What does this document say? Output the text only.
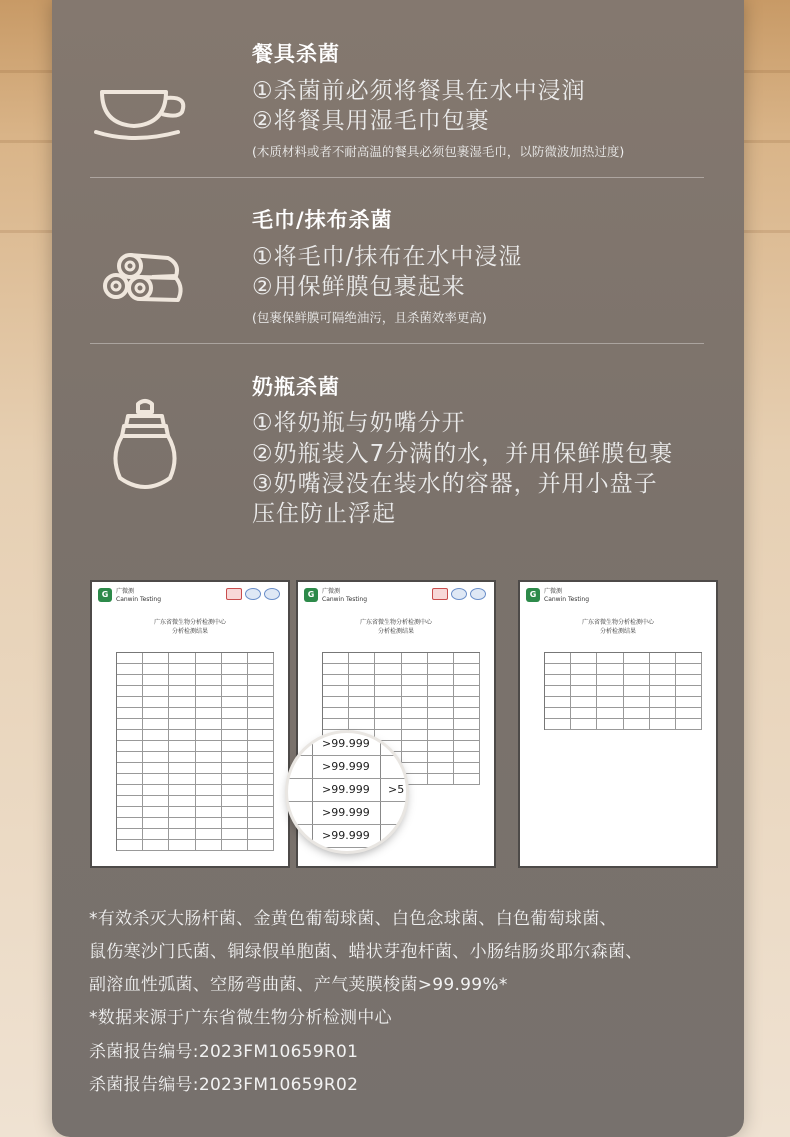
餐具杀菌
①杀菌前必须将餐具在水中浸润
②将餐具用湿毛巾包裹
(木质材料或者不耐高温的餐具必须包裹湿毛巾，以防微波加热过度)
毛巾/抹布杀菌
①将毛巾/抹布在水中浸湿
②用保鲜膜包裹起来
(包裹保鲜膜可隔绝油污，且杀菌效率更高)
奶瓶杀菌
①将奶瓶与奶嘴分开
②奶瓶装入7分满的水，并用保鲜膜包裹
③奶嘴浸没在装水的容器，并用小盘子
压住防止浮起
G	广微测
Canwin Testing
广东省微生物分析检测中心
分析检测结果
G	广微测
Canwin Testing
广东省微生物分析检测中心
分析检测结果
G	广微测
Canwin Testing
广东省微生物分析检测中心
分析检测结果
>99.999
>99.999
>99.999 >5
>99.999
>99.999
*有效杀灭大肠杆菌、金黄色葡萄球菌、白色念球菌、白色葡萄球菌、
鼠伤寒沙门氏菌、铜绿假单胞菌、蜡状芽孢杆菌、小肠结肠炎耶尔森菌、
副溶血性弧菌、空肠弯曲菌、产气荚膜梭菌>99.99%*
*数据来源于广东省微生物分析检测中心
杀菌报告编号:2023FM10659R01
杀菌报告编号:2023FM10659R02
